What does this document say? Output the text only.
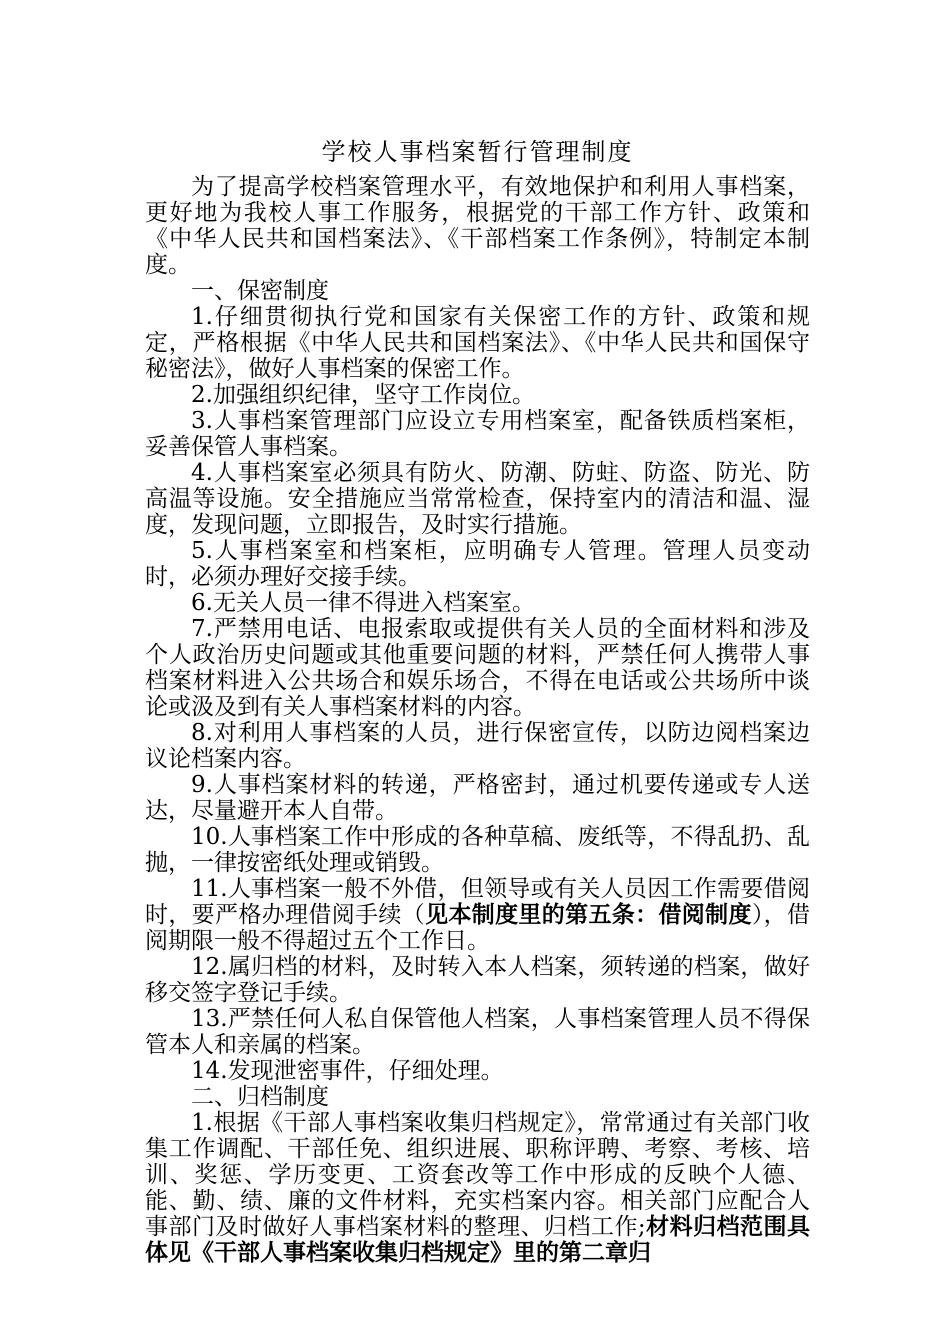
学校人事档案暂行管理制度

为了提高学校档案管理水平，有效地保护和利用人事档案，更好地为我校人事工作服务，根据党的干部工作方针、政策和《中华人民共和国档案法》、《干部档案工作条例》，特制定本制度。

一、保密制度

1.仔细贯彻执行党和国家有关保密工作的方针、政策和规定，严格根据《中华人民共和国档案法》、《中华人民共和国保守秘密法》，做好人事档案的保密工作。

2.加强组织纪律，坚守工作岗位。

3.人事档案管理部门应设立专用档案室，配备铁质档案柜，妥善保管人事档案。

4.人事档案室必须具有防火、防潮、防蛀、防盗、防光、防高温等设施。安全措施应当常常检查，保持室内的清洁和温、湿度，发现问题，立即报告，及时实行措施。

5.人事档案室和档案柜，应明确专人管理。管理人员变动时，必须办理好交接手续。

6.无关人员一律不得进入档案室。

7.严禁用电话、电报索取或提供有关人员的全面材料和涉及个人政治历史问题或其他重要问题的材料，严禁任何人携带人事档案材料进入公共场合和娱乐场合，不得在电话或公共场所中谈论或汲及到有关人事档案材料的内容。

8.对利用人事档案的人员，进行保密宣传，以防边阅档案边议论档案内容。

9.人事档案材料的转递，严格密封，通过机要传递或专人送达，尽量避开本人自带。

10.人事档案工作中形成的各种草稿、废纸等，不得乱扔、乱抛，一律按密纸处理或销毁。

11.人事档案一般不外借，但领导或有关人员因工作需要借阅时，要严格办理借阅手续（见本制度里的第五条：借阅制度），借阅期限一般不得超过五个工作日。

12.属归档的材料，及时转入本人档案，须转递的档案，做好移交签字登记手续。

13.严禁任何人私自保管他人档案，人事档案管理人员不得保管本人和亲属的档案。

14.发现泄密事件，仔细处理。

二、归档制度

1.根据《干部人事档案收集归档规定》，常常通过有关部门收集工作调配、干部任免、组织进展、职称评聘、考察、考核、培训、奖惩、学历变更、工资套改等工作中形成的反映个人德、能、勤、绩、廉的文件材料，充实档案内容。相关部门应配合人事部门及时做好人事档案材料的整理、归档工作;材料归档范围具体见《干部人事档案收集归档规定》里的第二章归
